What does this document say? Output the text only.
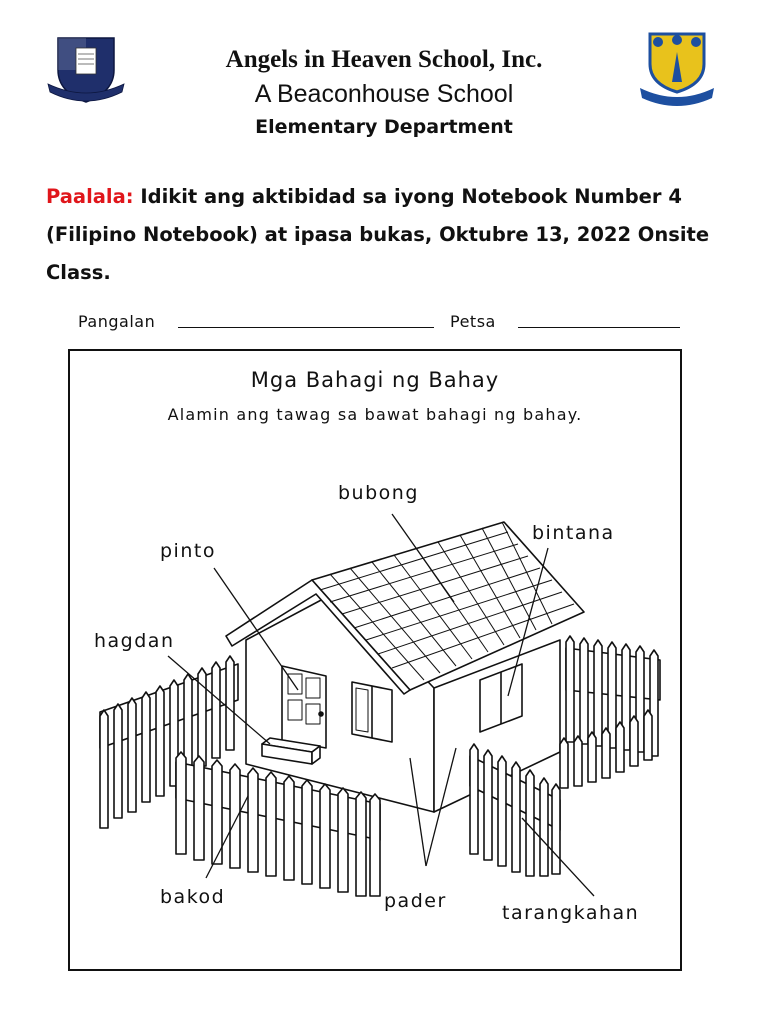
Angels in Heaven School, Inc.
A Beaconhouse School
Elementary Department
Paalala: Idikit ang aktibidad sa iyong Notebook Number 4 (Filipino Notebook) at ipasa bukas, Oktubre 13, 2022 Onsite Class.
Pangalan	Petsa
Mga Bahagi ng Bahay
Alamin ang tawag sa bawat bahagi ng bahay.
bubong
bintana
pinto
hagdan
bakod	pader
tarangkahan
